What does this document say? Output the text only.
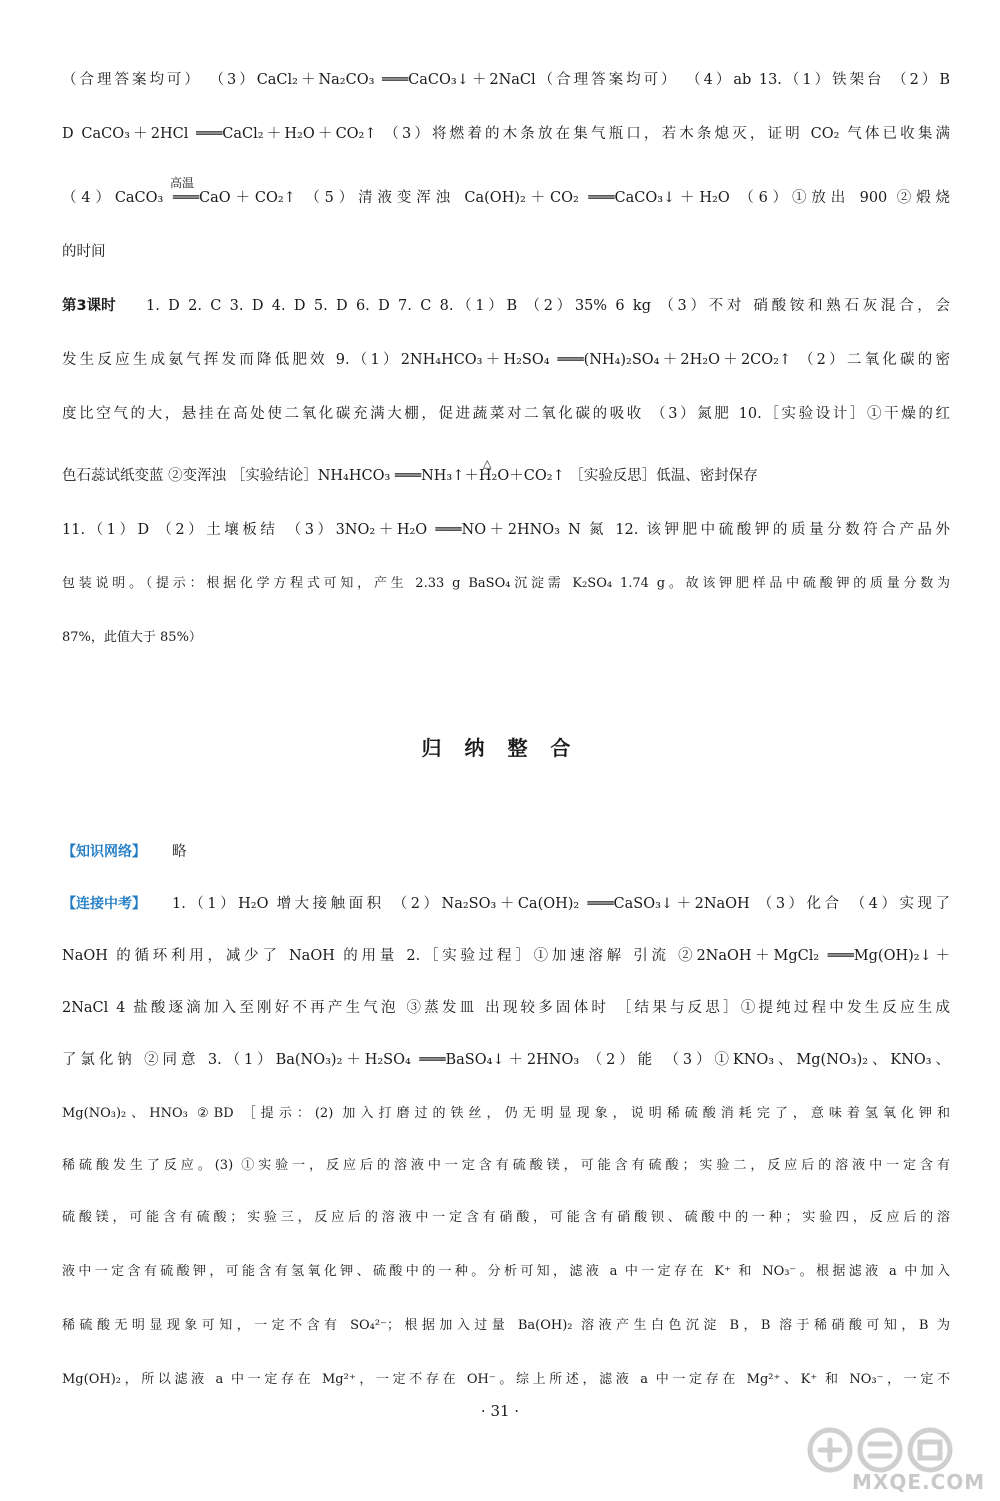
（合理答案均可） （3）CaCl₂＋Na₂CO₃ ═══CaCO₃↓＋2NaCl（合理答案均可） （4）ab 13.（1）铁架台 （2）B
D CaCO₃＋2HCl ═══CaCl₂＋H₂O＋CO₂↑ （3）将燃着的木条放在集气瓶口，若木条熄灭，证明 CO₂ 气体已收集满
高温
（4）CaCO₃ ═══CaO＋CO₂↑ （5）清液变浑浊 Ca(OH)₂＋CO₂ ═══CaCO₃↓＋H₂O （6）①放出 900 ②煅烧
的时间
第3课时 1. D 2. C 3. D 4. D 5. D 6. D 7. C 8.（1）B （2）35% 6 kg （3）不对 硝酸铵和熟石灰混合，会
发生反应生成氨气挥发而降低肥效 9.（1）2NH₄HCO₃＋H₂SO₄ ═══(NH₄)₂SO₄＋2H₂O＋2CO₂↑ （2）二氧化碳的密
度比空气的大，悬挂在高处使二氧化碳充满大棚，促进蔬菜对二氧化碳的吸收 （3）氮肥 10.［实验设计］①干燥的红
△
色石蕊试纸变蓝 ②变浑浊 ［实验结论］NH₄HCO₃ ═══NH₃↑＋H₂O＋CO₂↑ ［实验反思］低温、密封保存
11.（1）D （2）土壤板结 （3）3NO₂＋H₂O ═══NO＋2HNO₃ N 氮 12. 该钾肥中硫酸钾的质量分数符合产品外
包装说明。（提示：根据化学方程式可知，产生 2.33 g BaSO₄沉淀需 K₂SO₄ 1.74 g。故该钾肥样品中硫酸钾的质量分数为
87%，此值大于 85%）
归 纳 整 合
【知识网络】 略
【连接中考】 1.（1）H₂O 增大接触面积 （2）Na₂SO₃＋Ca(OH)₂ ═══CaSO₃↓＋2NaOH （3）化合 （4）实现了
NaOH 的循环利用，减少了 NaOH 的用量 2.［实验过程］①加速溶解 引流 ②2NaOH＋MgCl₂ ═══Mg(OH)₂↓＋
2NaCl 4 盐酸逐滴加入至刚好不再产生气泡 ③蒸发皿 出现较多固体时 ［结果与反思］①提纯过程中发生反应生成
了氯化钠 ②同意 3.（1）Ba(NO₃)₂＋H₂SO₄ ═══BaSO₄↓＋2HNO₃ （2）能 （3）①KNO₃、Mg(NO₃)₂、KNO₃、
Mg(NO₃)₂、HNO₃ ②BD ［提示：(2) 加入打磨过的铁丝，仍无明显现象，说明稀硫酸消耗完了，意味着氢氧化钾和
稀硫酸发生了反应。(3) ①实验一，反应后的溶液中一定含有硫酸镁，可能含有硫酸；实验二，反应后的溶液中一定含有
硫酸镁，可能含有硫酸；实验三，反应后的溶液中一定含有硝酸，可能含有硝酸钡、硫酸中的一种；实验四，反应后的溶
液中一定含有硫酸钾，可能含有氢氧化钾、硫酸中的一种。分析可知，滤液 a 中一定存在 K⁺ 和 NO₃⁻。根据滤液 a 中加入
稀硫酸无明显现象可知，一定不含有 SO₄²⁻；根据加入过量 Ba(OH)₂ 溶液产生白色沉淀 B，B 溶于稀硝酸可知，B 为
Mg(OH)₂，所以滤液 a 中一定存在 Mg²⁺，一定不存在 OH⁻。综上所述，滤液 a 中一定存在 Mg²⁺、K⁺ 和 NO₃⁻，一定不
· 31 ·
MXQE.COM
